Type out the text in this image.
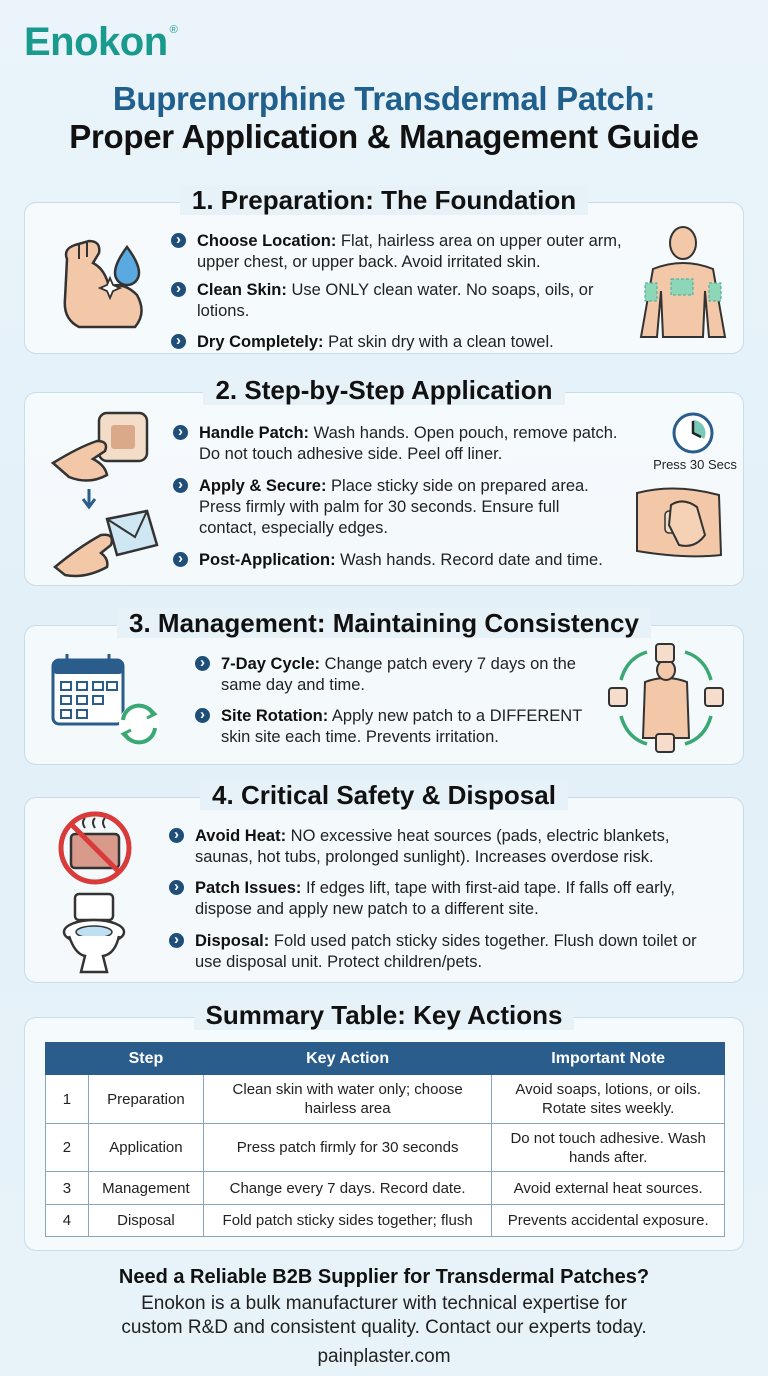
Enokon ®
Buprenorphine Transdermal Patch:
Proper Application & Management Guide
1. Preparation: The Foundation
› Choose Location: Flat, hairless area on upper outer arm, upper chest, or upper back. Avoid irritated skin.
› Clean Skin: Use ONLY clean water. No soaps, oils, or lotions.
› Dry Completely: Pat skin dry with a clean towel.
2. Step-by-Step Application
› Handle Patch: Wash hands. Open pouch, remove patch. Do not touch adhesive side. Peel off liner.
› Apply & Secure: Place sticky side on prepared area. Press firmly with palm for 30 seconds. Ensure full contact, especially edges.
› Post-Application: Wash hands. Record date and time.
Press 30 Secs
3. Management: Maintaining Consistency
› 7-Day Cycle: Change patch every 7 days on the same day and time.
› Site Rotation: Apply new patch to a DIFFERENT skin site each time. Prevents irritation.
4. Critical Safety & Disposal
› Avoid Heat: NO excessive heat sources (pads, electric blankets, saunas, hot tubs, prolonged sunlight). Increases overdose risk.
› Patch Issues: If edges lift, tape with first-aid tape. If falls off early, dispose and apply new patch to a different site.
› Disposal: Fold used patch sticky sides together. Flush down toilet or use disposal unit. Protect children/pets.
Summary Table: Key Actions
	Step	Key Action	Important Note
1	Preparation	Clean skin with water only; choose hairless area	Avoid soaps, lotions, or oils. Rotate sites weekly.
2	Application	Press patch firmly for 30 seconds	Do not touch adhesive. Wash hands after.
3	Management	Change every 7 days. Record date.	Avoid external heat sources.
4	Disposal	Fold patch sticky sides together; flush	Prevents accidental exposure.
Need a Reliable B2B Supplier for Transdermal Patches?
Enokon is a bulk manufacturer with technical expertise for custom R&D and consistent quality. Contact our experts today.
painplaster.com
